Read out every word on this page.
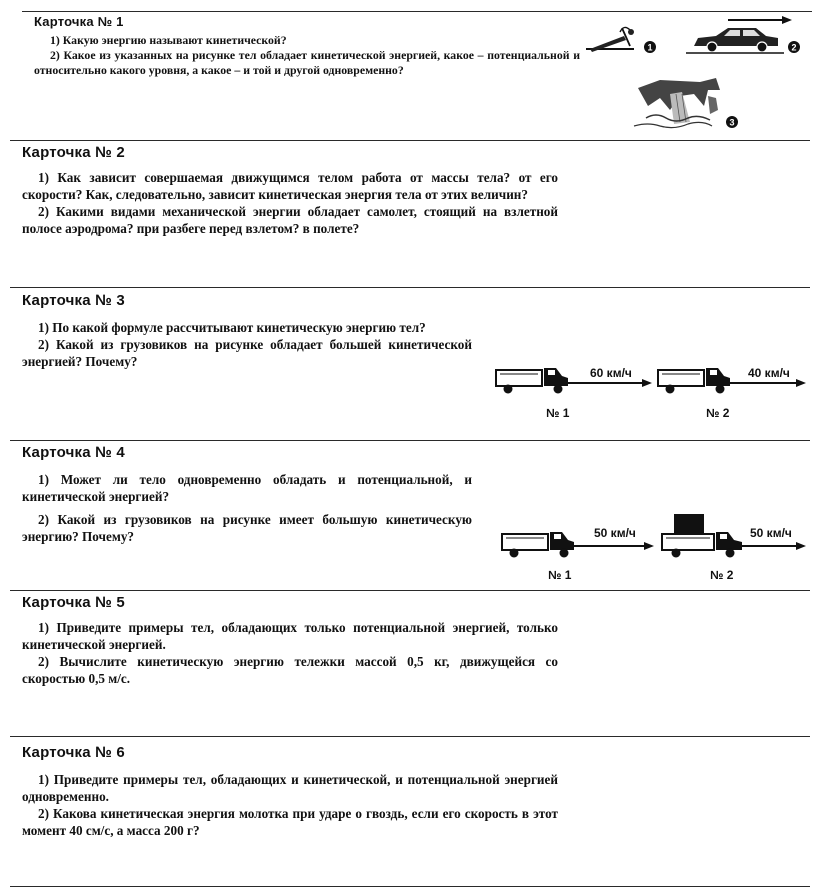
Карточка № 1

1) Какую энергию называют кинетической?

2) Какое из указанных на рисунке тел обладает кинетической энергией, какое – потенциальной и относительно какого уровня, а какое – и той и другой одновременно?

1	2
3
Карточка № 2

1) Как зависит совершаемая движущимся телом работа от массы тела? от его скорости? Как, следовательно, зависит кинетическая энергия тела от этих величин?

2) Какими видами механической энергии обладает самолет, стоящий на взлетной полосе аэродрома? при разбеге перед взлетом? в полете?

Карточка № 3

1) По какой формуле рассчитывают кинетическую энергию тел?

2) Какой из грузовиков на рисунке обладает большей кинетической энергией? Почему?

60 км/ч
№ 1
40 км/ч
№ 2
Карточка № 4

1) Может ли тело одновременно обладать и потенциальной, и кинетической энергией?

2) Какой из грузовиков на рисунке имеет большую кинетическую энергию? Почему?	50 км/ч
№ 1
50 км/ч
№ 2
Карточка № 5

1) Приведите примеры тел, обладающих только потенциальной энергией, только кинетической энергией.

2) Вычислите кинетическую энергию тележки массой 0,5 кг, движущейся со скоростью 0,5 м/с.

Карточка № 6

1) Приведите примеры тел, обладающих и кинетической, и потенциальной энергией одновременно.

2) Какова кинетическая энергия молотка при ударе о гвоздь, если его скорость в этот момент 40 см/с, а масса 200 г?
